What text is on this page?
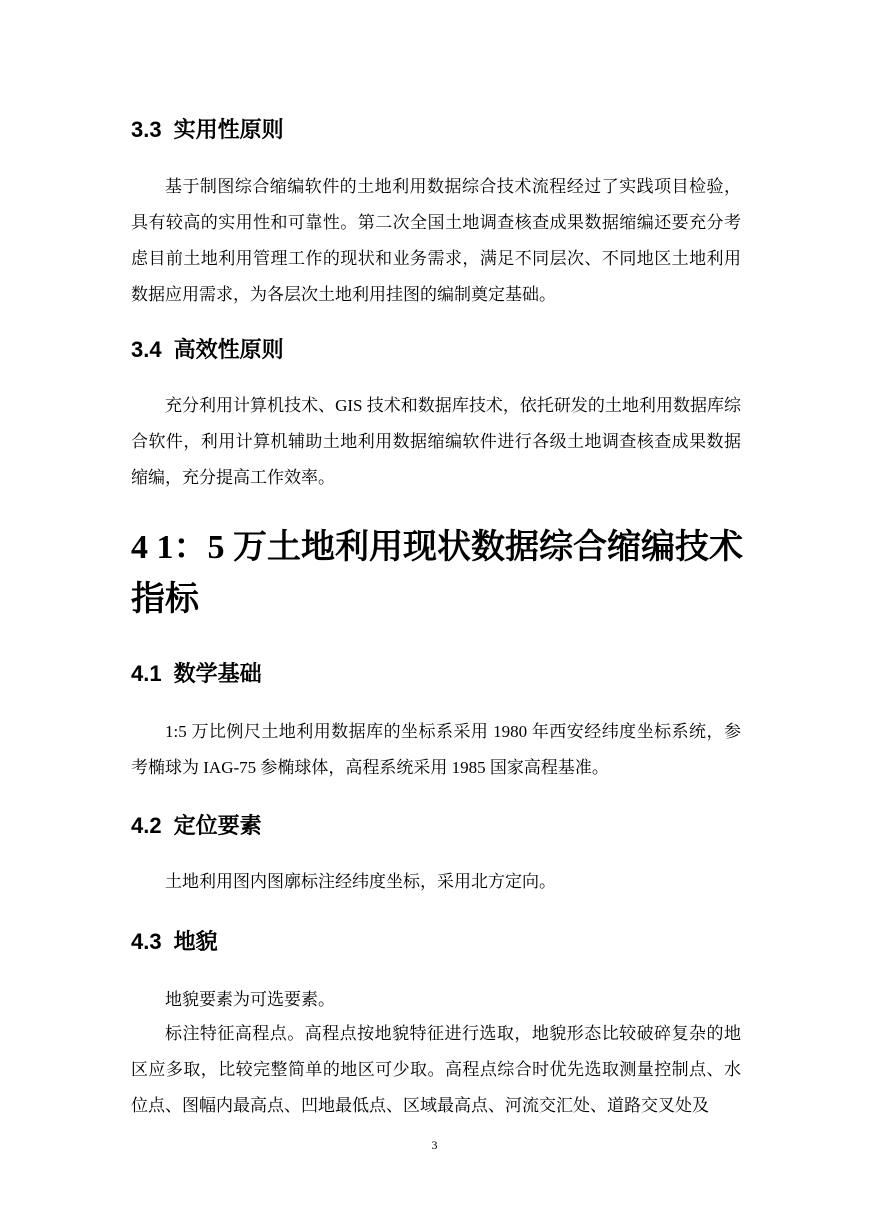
3.3 实用性原则
基于制图综合缩编软件的土地利用数据综合技术流程经过了实践项目检验，具有较高的实用性和可靠性。第二次全国土地调查核查成果数据缩编还要充分考虑目前土地利用管理工作的现状和业务需求，满足不同层次、不同地区土地利用数据应用需求，为各层次土地利用挂图的编制奠定基础。
3.4 高效性原则
充分利用计算机技术、GIS 技术和数据库技术，依托研发的土地利用数据库综合软件，利用计算机辅助土地利用数据缩编软件进行各级土地调查核查成果数据缩编，充分提高工作效率。
4 1：5 万土地利用现状数据综合缩编技术指标
4.1 数学基础
1:5 万比例尺土地利用数据库的坐标系采用 1980 年西安经纬度坐标系统，参考椭球为 IAG-75 参椭球体，高程系统采用 1985 国家高程基准。
4.2 定位要素
土地利用图内图廓标注经纬度坐标，采用北方定向。
4.3 地貌
地貌要素为可选要素。
标注特征高程点。高程点按地貌特征进行选取，地貌形态比较破碎复杂的地区应多取，比较完整简单的地区可少取。高程点综合时优先选取测量控制点、水位点、图幅内最高点、凹地最低点、区域最高点、河流交汇处、道路交叉处及
3
